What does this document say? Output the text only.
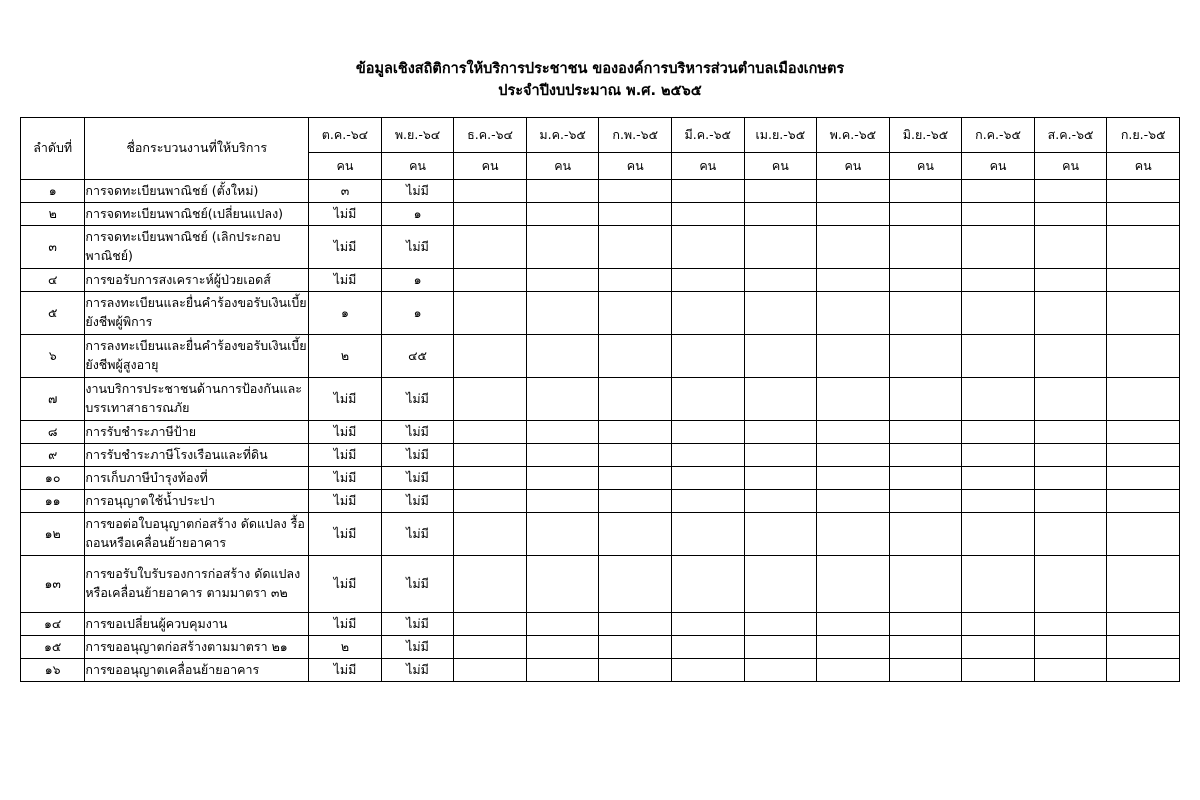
ข้อมูลเชิงสถิติการให้บริการประชาชน ขององค์การบริหารส่วนตำบลเมืองเกษตร
ประจำปีงบประมาณ พ.ศ. ๒๕๖๕
ลำดับที่	ชื่อกระบวนงานที่ให้บริการ	ต.ค.-๖๔	พ.ย.-๖๔	ธ.ค.-๖๔	ม.ค.-๖๕	ก.พ.-๖๕	มี.ค.-๖๕	เม.ย.-๖๕	พ.ค.-๖๕	มิ.ย.-๖๕	ก.ค.-๖๕	ส.ค.-๖๕	ก.ย.-๖๕
		คน	คน	คน	คน	คน	คน	คน	คน	คน	คน	คน	คน
๑	การจดทะเบียนพาณิชย์ (ตั้งใหม่)	๓	ไม่มี										
๒	การจดทะเบียนพาณิชย์(เปลี่ยนแปลง)	ไม่มี	๑										
๓	การจดทะเบียนพาณิชย์ (เลิกประกอบพาณิชย์)	ไม่มี	ไม่มี										
๔	การขอรับการสงเคราะห์ผู้ป่วยเอดส์	ไม่มี	๑										
๕	การลงทะเบียนและยื่นคำร้องขอรับเงินเบี้ยยังชีพผู้พิการ	๑	๑										
๖	การลงทะเบียนและยื่นคำร้องขอรับเงินเบี้ยยังชีพผู้สูงอายุ	๒	๔๕										
๗	งานบริการประชาชนด้านการป้องกันและบรรเทาสาธารณภัย	ไม่มี	ไม่มี										
๘	การรับชำระภาษีป้าย	ไม่มี	ไม่มี										
๙	การรับชำระภาษีโรงเรือนและที่ดิน	ไม่มี	ไม่มี										
๑๐	การเก็บภาษีบำรุงท้องที่	ไม่มี	ไม่มี										
๑๑	การอนุญาตใช้น้ำประปา	ไม่มี	ไม่มี										
๑๒	การขอต่อใบอนุญาตก่อสร้าง ดัดแปลง รื้อถอนหรือเคลื่อนย้ายอาคาร	ไม่มี	ไม่มี										
๑๓	การขอรับใบรับรองการก่อสร้าง ดัดแปลงหรือเคลื่อนย้ายอาคาร ตามมาตรา ๓๒	ไม่มี	ไม่มี										
๑๔	การขอเปลี่ยนผู้ควบคุมงาน	ไม่มี	ไม่มี										
๑๕	การขออนุญาตก่อสร้างตามมาตรา ๒๑	๒	ไม่มี										
๑๖	การขออนุญาตเคลื่อนย้ายอาคาร	ไม่มี	ไม่มี										
